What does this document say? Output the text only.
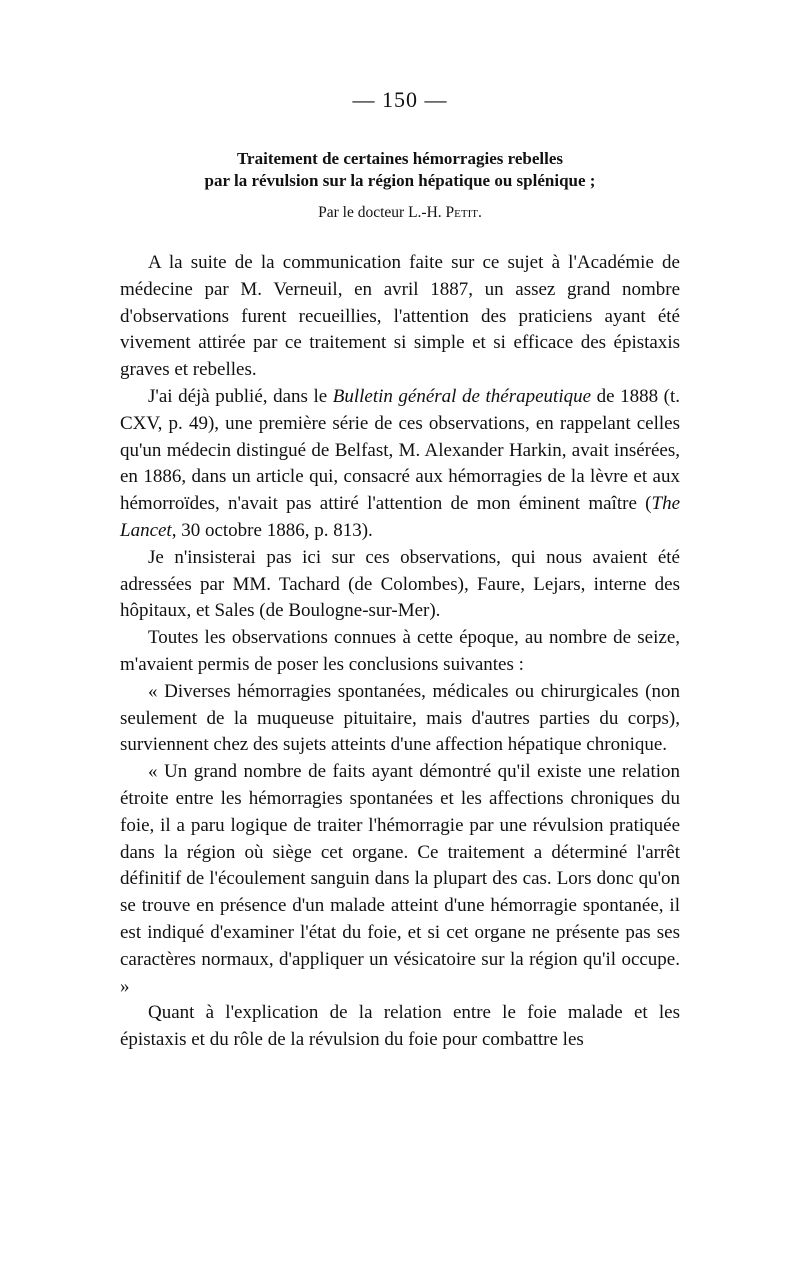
— 150 —
Traitement de certaines hémorragies rebelles
par la révulsion sur la région hépatique ou splénique ;
Par le docteur L.-H. Petit.

A la suite de la communication faite sur ce sujet à l'Académie de médecine par M. Verneuil, en avril 1887, un assez grand nombre d'observations furent recueillies, l'attention des praticiens ayant été vivement attirée par ce traitement si simple et si efficace des épistaxis graves et rebelles.

J'ai déjà publié, dans le Bulletin général de thérapeutique de 1888 (t. CXV, p. 49), une première série de ces observations, en rappelant celles qu'un médecin distingué de Belfast, M. Alexander Harkin, avait insérées, en 1886, dans un article qui, consacré aux hémorragies de la lèvre et aux hémorroïdes, n'avait pas attiré l'attention de mon éminent maître (The Lancet, 30 octobre 1886, p. 813).

Je n'insisterai pas ici sur ces observations, qui nous avaient été adressées par MM. Tachard (de Colombes), Faure, Lejars, interne des hôpitaux, et Sales (de Boulogne-sur-Mer).

Toutes les observations connues à cette époque, au nombre de seize, m'avaient permis de poser les conclusions suivantes :

« Diverses hémorragies spontanées, médicales ou chirurgicales (non seulement de la muqueuse pituitaire, mais d'autres parties du corps), surviennent chez des sujets atteints d'une affection hépatique chronique.

« Un grand nombre de faits ayant démontré qu'il existe une relation étroite entre les hémorragies spontanées et les affections chroniques du foie, il a paru logique de traiter l'hémorragie par une révulsion pratiquée dans la région où siège cet organe. Ce traitement a déterminé l'arrêt définitif de l'écoulement sanguin dans la plupart des cas. Lors donc qu'on se trouve en présence d'un malade atteint d'une hémorragie spontanée, il est indiqué d'examiner l'état du foie, et si cet organe ne présente pas ses caractères normaux, d'appliquer un vésicatoire sur la région qu'il occupe. »

Quant à l'explication de la relation entre le foie malade et les épistaxis et du rôle de la révulsion du foie pour combattre les
